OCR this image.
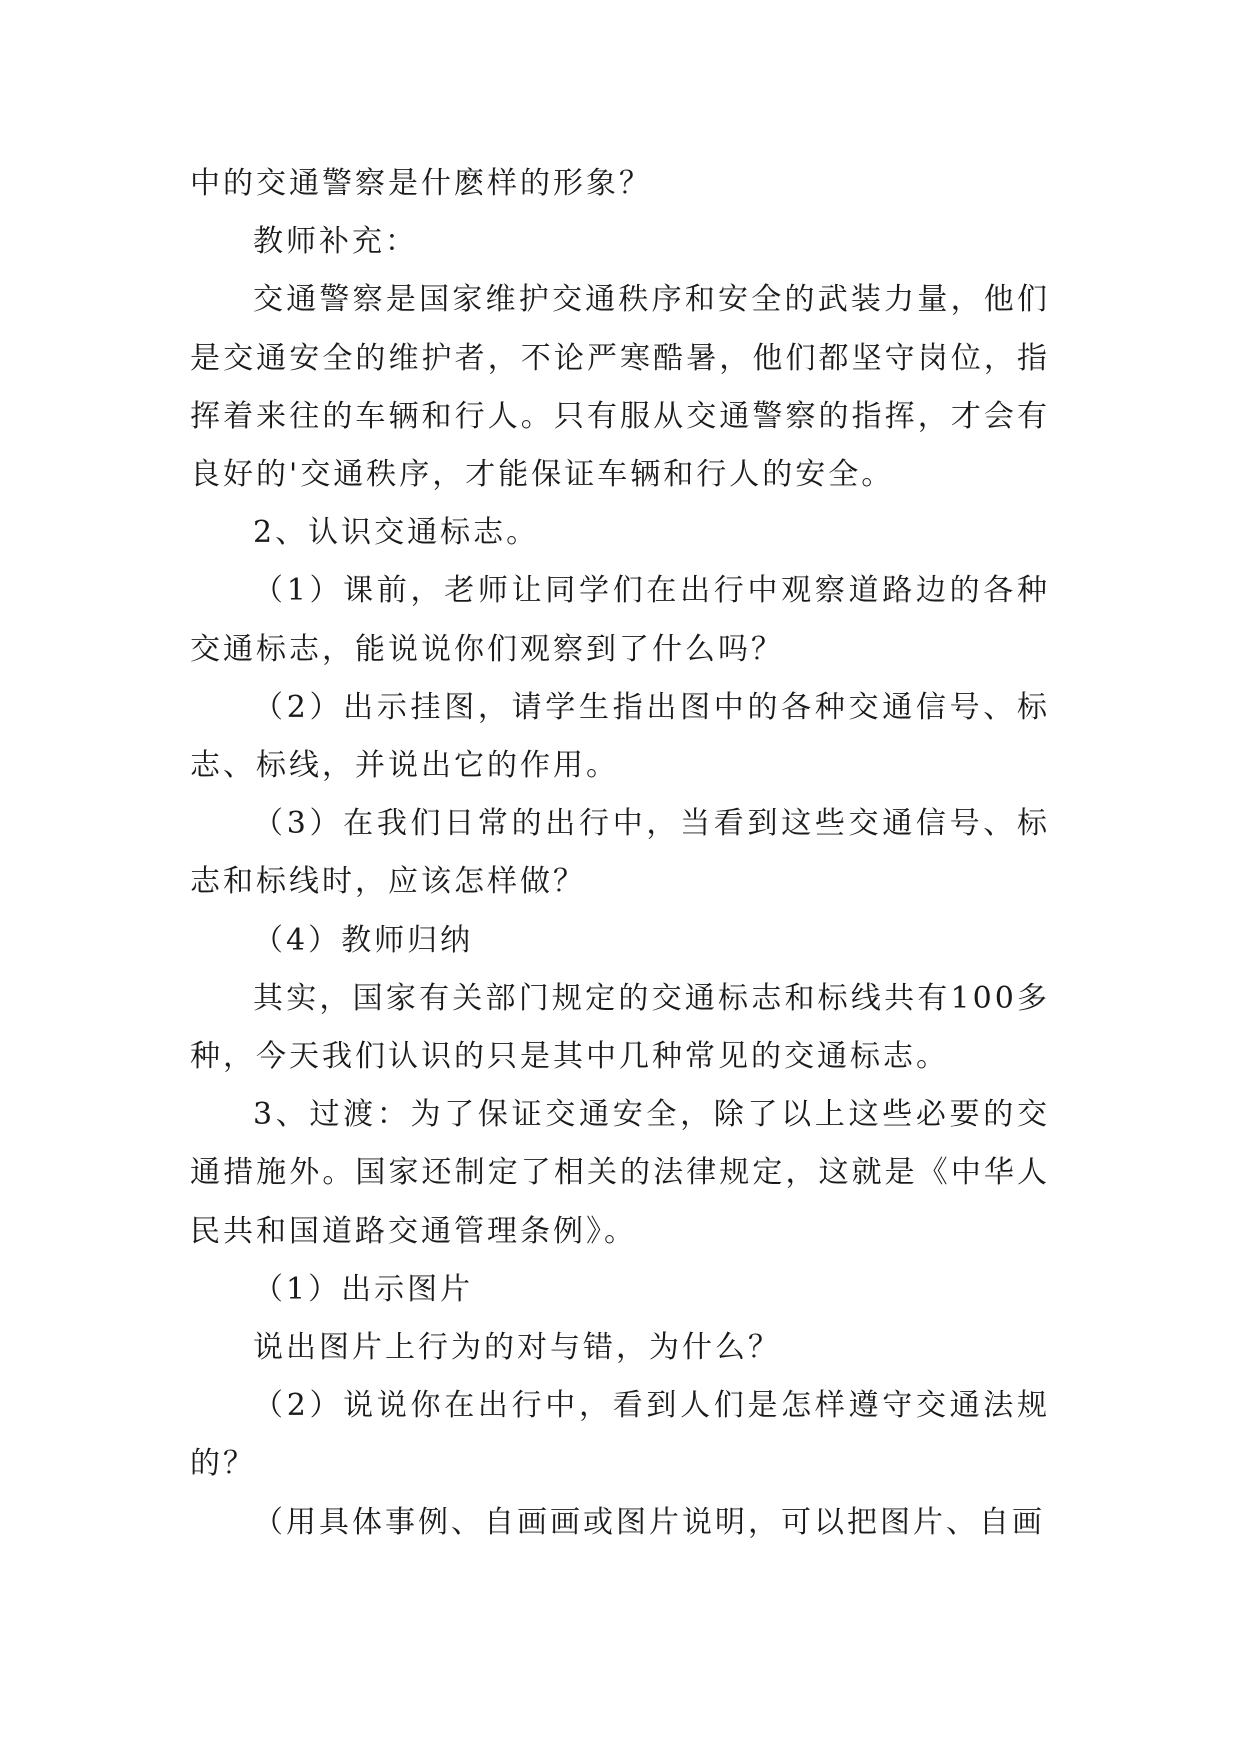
中的交通警察是什麽样的形象？

教师补充：

交通警察是国家维护交通秩序和安全的武装力量，他们是交通安全的维护者，不论严寒酷暑，他们都坚守岗位，指挥着来往的车辆和行人。只有服从交通警察的指挥，才会有良好的'交通秩序，才能保证车辆和行人的安全。

2、认识交通标志。

（1）课前，老师让同学们在出行中观察道路边的各种交通标志，能说说你们观察到了什么吗？

（2）出示挂图，请学生指出图中的各种交通信号、标志、标线，并说出它的作用。

（3）在我们日常的出行中，当看到这些交通信号、标志和标线时，应该怎样做？

（4）教师归纳

其实，国家有关部门规定的交通标志和标线共有100多种，今天我们认识的只是其中几种常见的交通标志。

3、过渡：为了保证交通安全，除了以上这些必要的交通措施外。国家还制定了相关的法律规定，这就是《中华人民共和国道路交通管理条例》。

（1）出示图片

说出图片上行为的对与错，为什么？

（2）说说你在出行中，看到人们是怎样遵守交通法规的？

（用具体事例、自画画或图片说明，可以把图片、自画
